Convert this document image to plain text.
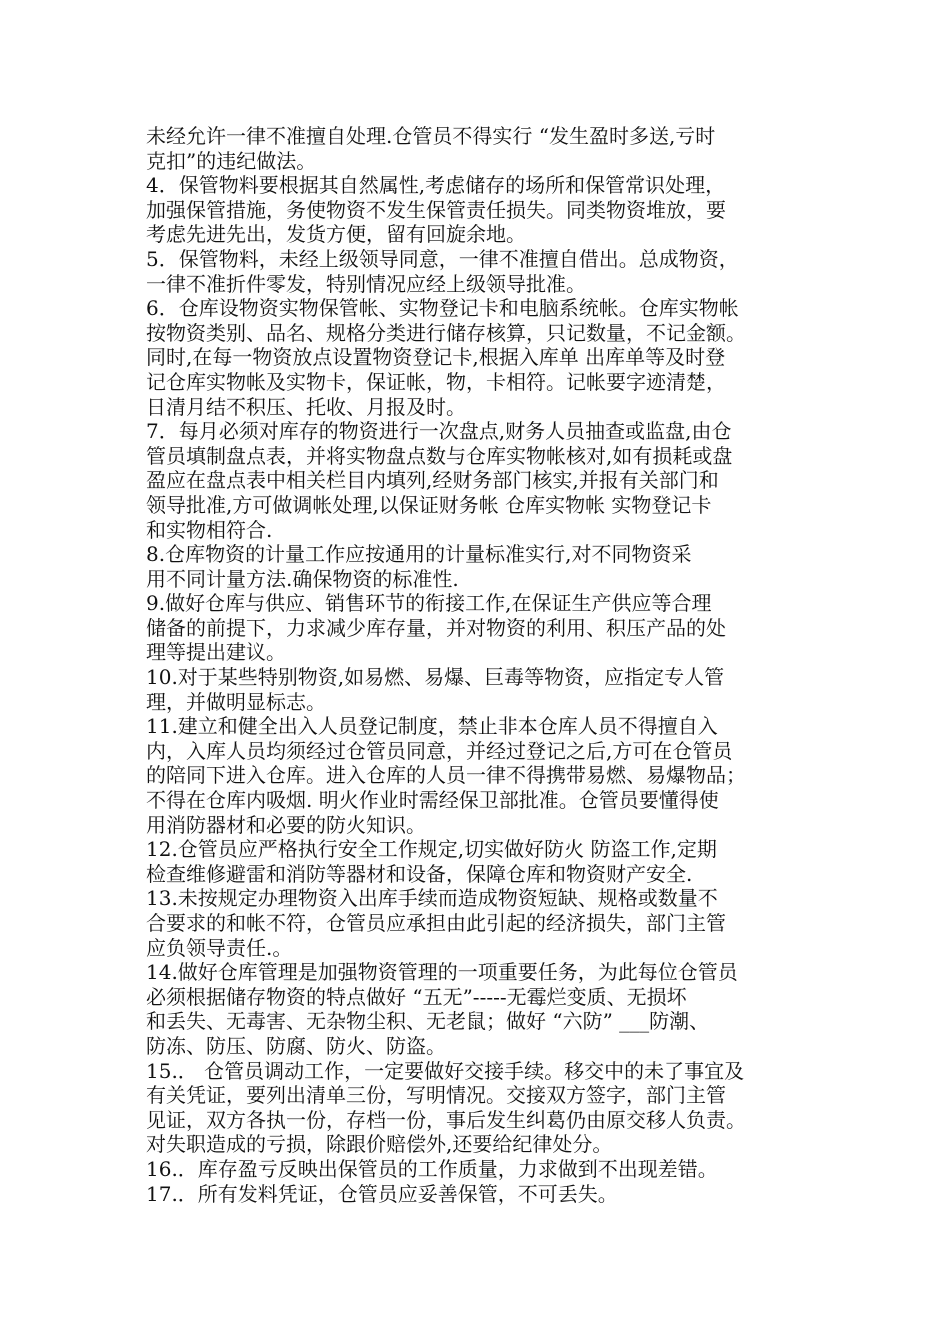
未经允许一律不准擅自处理.仓管员不得实行 “发生盈时多送,亏时
克扣”的违纪做法。
4．保管物料要根据其自然属性,考虑储存的场所和保管常识处理，
加强保管措施，务使物资不发生保管责任损失。同类物资堆放，要
考虑先进先出，发货方便，留有回旋余地。
5．保管物料，未经上级领导同意，一律不准擅自借出。总成物资，
一律不准折件零发，特别情况应经上级领导批准。
6．仓库设物资实物保管帐、实物登记卡和电脑系统帐。仓库实物帐
按物资类别、品名、规格分类进行储存核算，只记数量，不记金额。
同时,在每一物资放点设置物资登记卡,根据入库单 出库单等及时登
记仓库实物帐及实物卡，保证帐，物，卡相符。记帐要字迹清楚，
日清月结不积压、托收、月报及时。
7．每月必须对库存的物资进行一次盘点,财务人员抽查或监盘,由仓
管员填制盘点表，并将实物盘点数与仓库实物帐核对,如有损耗或盘
盈应在盘点表中相关栏目内填列,经财务部门核实,并报有关部门和
领导批准,方可做调帐处理,以保证财务帐 仓库实物帐 实物登记卡
和实物相符合.
8.仓库物资的计量工作应按通用的计量标准实行,对不同物资采
用不同计量方法.确保物资的标准性.
9.做好仓库与供应、销售环节的衔接工作,在保证生产供应等合理
储备的前提下，力求减少库存量，并对物资的利用、积压产品的处
理等提出建议。
10.对于某些特别物资,如易燃、易爆、巨毒等物资，应指定专人管
理，并做明显标志。
11.建立和健全出入人员登记制度，禁止非本仓库人员不得擅自入
内，入库人员均须经过仓管员同意，并经过登记之后,方可在仓管员
的陪同下进入仓库。进入仓库的人员一律不得携带易燃、易爆物品；
不得在仓库内吸烟. 明火作业时需经保卫部批准。仓管员要懂得使
用消防器材和必要的防火知识。
12.仓管员应严格执行安全工作规定,切实做好防火 防盗工作,定期
检查维修避雷和消防等器材和设备，保障仓库和物资财产安全.
13.未按规定办理物资入出库手续而造成物资短缺、规格或数量不
合要求的和帐不符，仓管员应承担由此引起的经济损失，部门主管
应负领导责任.。
14.做好仓库管理是加强物资管理的一项重要任务，为此每位仓管员
必须根据储存物资的特点做好 “五无”-----无霉烂变质、无损坏
和丢失、无毒害、无杂物尘积、无老鼠；做好 “六防” ___防潮、
防冻、防压、防腐、防火、防盗。
15.． 仓管员调动工作，一定要做好交接手续。移交中的未了事宜及
有关凭证，要列出清单三份，写明情况。交接双方签字，部门主管
见证，双方各执一份，存档一份，事后发生纠葛仍由原交移人负责。
对失职造成的亏损，除跟价赔偿外,还要给纪律处分。
16.．库存盈亏反映出保管员的工作质量，力求做到不出现差错。
17.．所有发料凭证，仓管员应妥善保管，不可丢失。
